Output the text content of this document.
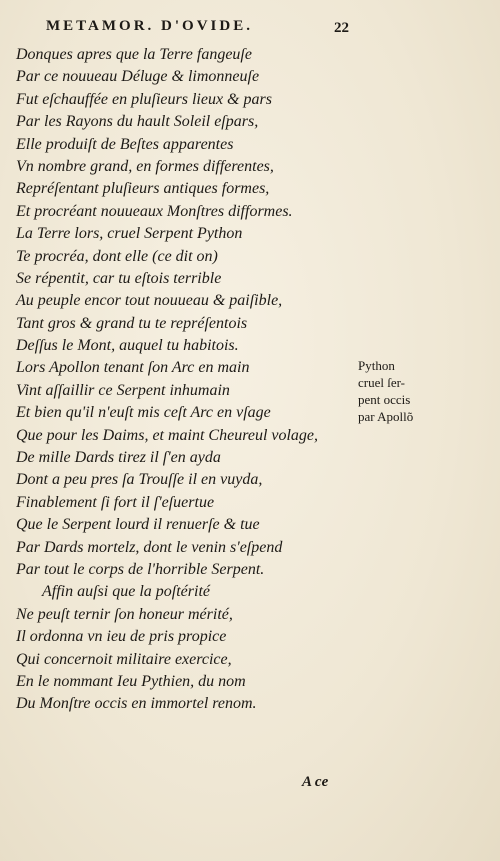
METAMOR. D'OVIDE.	22
Donques apres que la Terre fangeuſe
Par ce nouueau Déluge & limonneuſe
Fut eſchauffée en pluſieurs lieux & pars
Par les Rayons du hault Soleil eſpars,
Elle produiſt de Beſtes apparentes
Vn nombre grand, en formes differentes,
Repréſentant pluſieurs antiques formes,
Et procréant nouueaux Monſtres difformes.
La Terre lors, cruel Serpent Python
Te procréa, dont elle (ce dit on)
Se répentit, car tu eſtois terrible
Au peuple encor tout nouueau & paiſible,
Tant gros & grand tu te repréſentois
Deſſus le Mont, auquel tu habitois.
Lors Apollon tenant ſon Arc en main
Vint aſſaillir ce Serpent inhumain
Et bien qu'il n'euſt mis ceſt Arc en vſage
Que pour les Daims, et maint Cheureul volage,
De mille Dards tirez il ſ'en ayda
Dont a peu pres ſa Trouſſe il en vuyda,
Finablement ſi fort il ſ'eſuertue
Que le Serpent lourd il renuerſe & tue
Par Dards mortelz, dont le venin s'eſpend
Par tout le corps de l'horrible Serpent.
Affin auſsi que la poſtérité
Ne peuſt ternir ſon honeur mérité,
Il ordonna vn ieu de pris propice
Qui concernoit militaire exercice,
En le nommant Ieu Pythien, du nom
Du Monſtre occis en immortel renom.
Python
cruel ſer-
pent occis
par Apollõ
A ce
